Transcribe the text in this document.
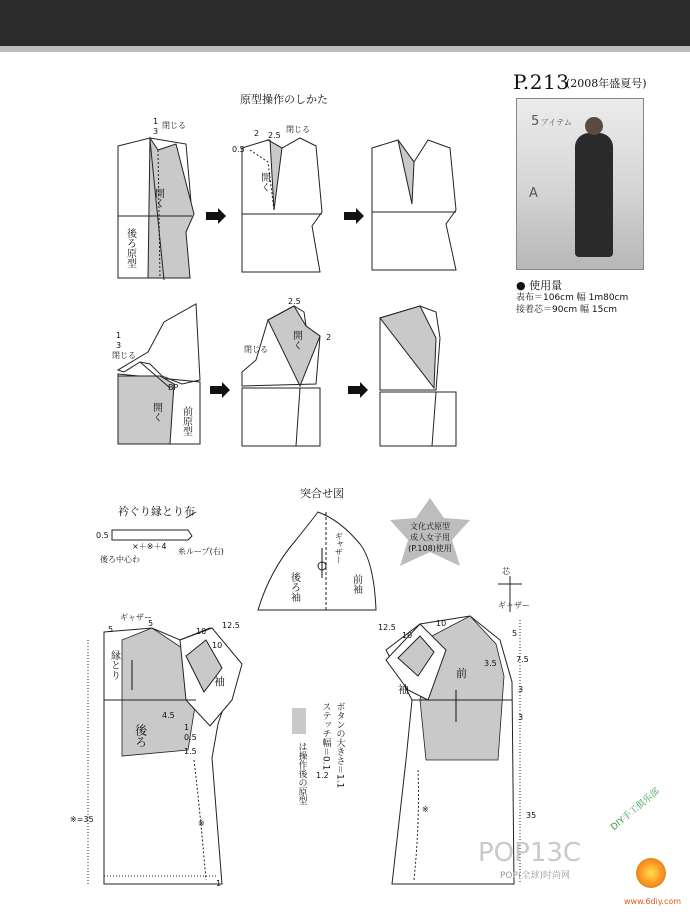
P.213
(2008年盛夏号)
原型操作のしかた
5 アイテム
A
● 使用量
表布＝106cm 幅 1m80cm
接着芯＝90cm 幅 15cm
1
3
閉じる
開く
後ろ原型
2 2.5
閉じる
0.5
開く
1
3
閉じる
BP
開く 前原型
2.5
2
閉じる 開く
衿ぐり縁とり布
0.5
×＋※＋4
後ろ中心わ
糸ループ(右)
突合せ図
ギャザー
後ろ袖	前袖
文化式原型
成人女子用
(P.108)使用
ギャザー
縁とり
後ろ
袖
5
5
10
10
12.5
4.5
1
0.5
1.5
※=35
1
※
ギャザー
芯
前
袖
12.5
10
10
5
3.5 7.5
3
3
35
※
は操作後の原型	ボタンの大きさ＝1.1
ステッチ幅＝0.1
1.2
POP13C
POP(全球)时尚网
DIY手工俱乐部
www.6diy.com
